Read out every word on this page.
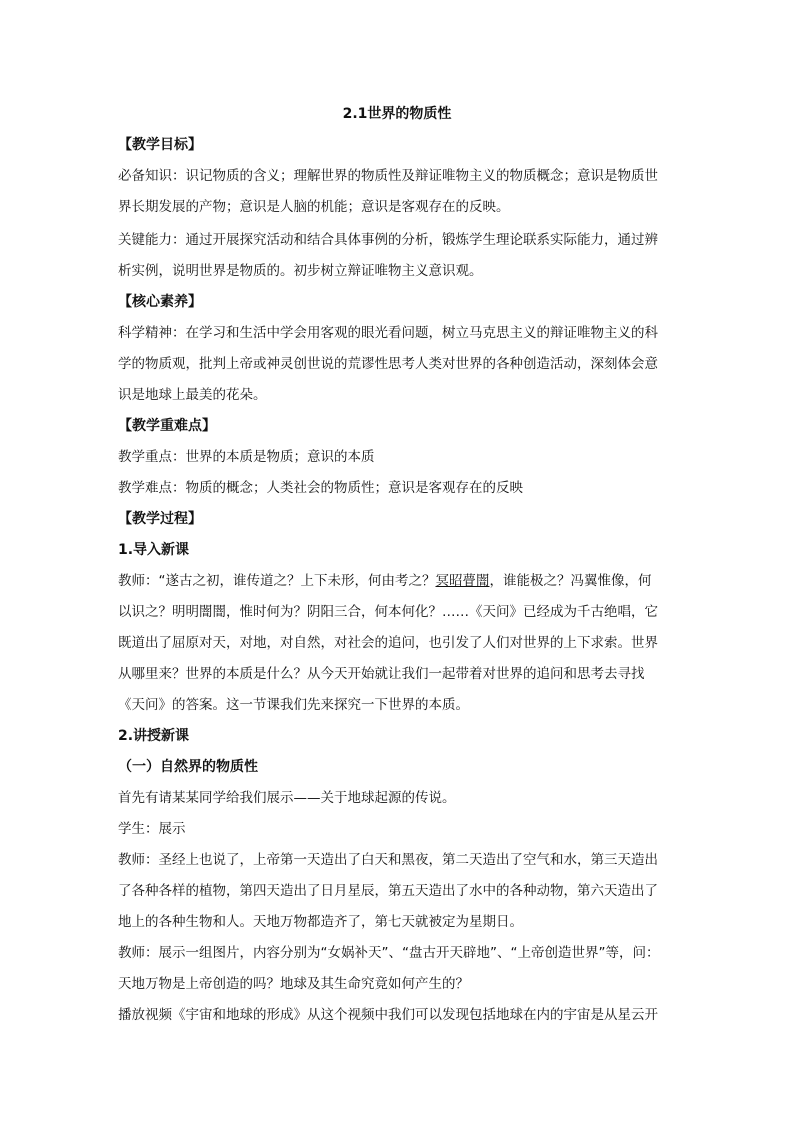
2.1世界的物质性
【教学目标】
必备知识：识记物质的含义；理解世界的物质性及辩证唯物主义的物质概念；意识是物质世
界长期发展的产物；意识是人脑的机能；意识是客观存在的反映。
关键能力：通过开展探究活动和结合具体事例的分析，锻炼学生理论联系实际能力，通过辨
析实例，说明世界是物质的。初步树立辩证唯物主义意识观。
【核心素养】
科学精神：在学习和生活中学会用客观的眼光看问题，树立马克思主义的辩证唯物主义的科
学的物质观，批判上帝或神灵创世说的荒谬性思考人类对世界的各种创造活动，深刻体会意
识是地球上最美的花朵。
【教学重难点】
教学重点：世界的本质是物质；意识的本质
教学难点：物质的概念；人类社会的物质性；意识是客观存在的反映
【教学过程】
1.导入新课
教师：“遂古之初，谁传道之？上下未形，何由考之？冥昭瞢闇，谁能极之？冯翼惟像，何
以识之？明明闇闇，惟时何为？阴阳三合，何本何化？……《天问》已经成为千古绝唱，它
既道出了屈原对天，对地，对自然，对社会的追问，也引发了人们对世界的上下求索。世界
从哪里来？世界的本质是什么？从今天开始就让我们一起带着对世界的追问和思考去寻找
《天问》的答案。这一节课我们先来探究一下世界的本质。
2.讲授新课
（一）自然界的物质性
首先有请某某同学给我们展示——关于地球起源的传说。
学生：展示
教师：圣经上也说了，上帝第一天造出了白天和黑夜，第二天造出了空气和水，第三天造出
了各种各样的植物，第四天造出了日月星辰，第五天造出了水中的各种动物，第六天造出了
地上的各种生物和人。天地万物都造齐了，第七天就被定为星期日。
教师：展示一组图片，内容分别为“女娲补天”、“盘古开天辟地”、“上帝创造世界”等，问：
天地万物是上帝创造的吗？地球及其生命究竟如何产生的？
播放视频《宇宙和地球的形成》从这个视频中我们可以发现包括地球在内的宇宙是从星云开
